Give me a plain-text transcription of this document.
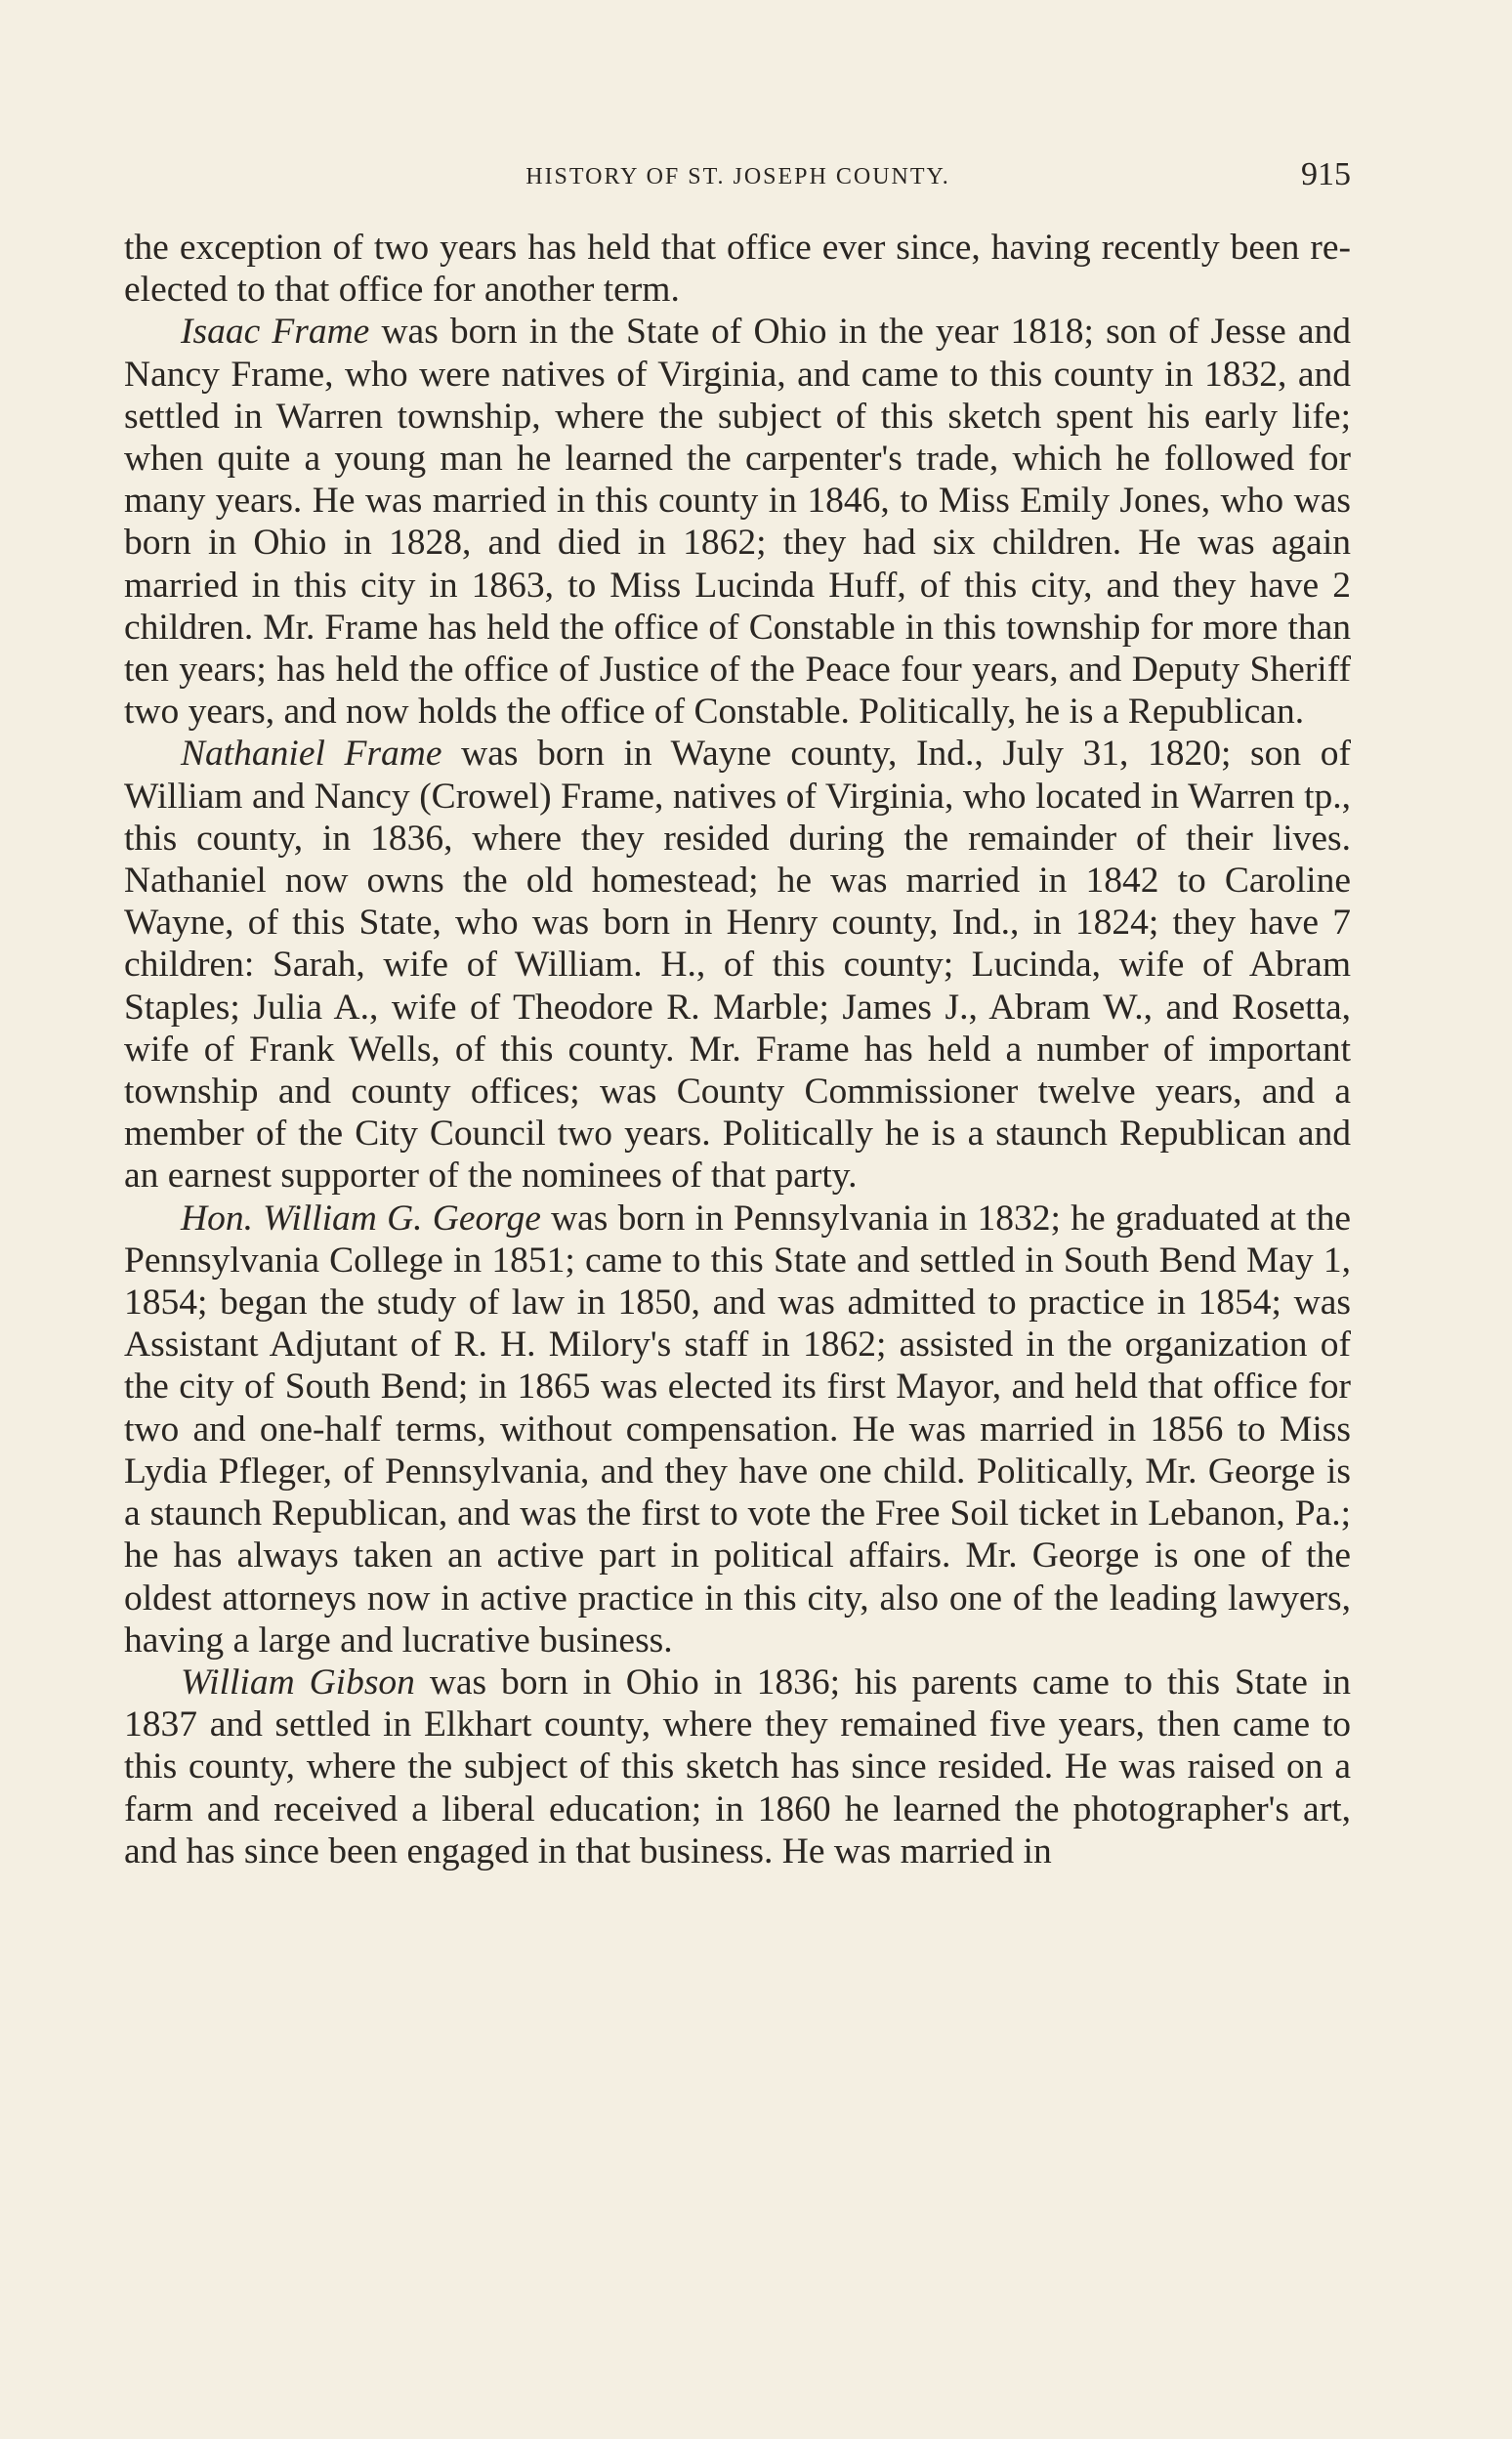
HISTORY OF ST. JOSEPH COUNTY.	915

the exception of two years has held that office ever since, having recently been re-elected to that office for another term.

Isaac Frame was born in the State of Ohio in the year 1818; son of Jesse and Nancy Frame, who were natives of Virginia, and came to this county in 1832, and settled in Warren township, where the subject of this sketch spent his early life; when quite a young man he learned the carpenter's trade, which he followed for many years. He was married in this county in 1846, to Miss Emily Jones, who was born in Ohio in 1828, and died in 1862; they had six children. He was again married in this city in 1863, to Miss Lucinda Huff, of this city, and they have 2 children. Mr. Frame has held the office of Constable in this township for more than ten years; has held the office of Justice of the Peace four years, and Deputy Sheriff two years, and now holds the office of Constable. Politically, he is a Republican.

Nathaniel Frame was born in Wayne county, Ind., July 31, 1820; son of William and Nancy (Crowel) Frame, natives of Virginia, who located in Warren tp., this county, in 1836, where they resided during the remainder of their lives. Nathaniel now owns the old homestead; he was married in 1842 to Caroline Wayne, of this State, who was born in Henry county, Ind., in 1824; they have 7 children: Sarah, wife of William. H., of this county; Lucinda, wife of Abram Staples; Julia A., wife of Theodore R. Marble; James J., Abram W., and Rosetta, wife of Frank Wells, of this county. Mr. Frame has held a number of important township and county offices; was County Commissioner twelve years, and a member of the City Council two years. Politically he is a staunch Republican and an earnest supporter of the nominees of that party.

Hon. William G. George was born in Pennsylvania in 1832; he graduated at the Pennsylvania College in 1851; came to this State and settled in South Bend May 1, 1854; began the study of law in 1850, and was admitted to practice in 1854; was Assistant Adjutant of R. H. Milory's staff in 1862; assisted in the organization of the city of South Bend; in 1865 was elected its first Mayor, and held that office for two and one-half terms, without compensation. He was married in 1856 to Miss Lydia Pfleger, of Pennsylvania, and they have one child. Politically, Mr. George is a staunch Republican, and was the first to vote the Free Soil ticket in Lebanon, Pa.; he has always taken an active part in political affairs. Mr. George is one of the oldest attorneys now in active practice in this city, also one of the leading lawyers, having a large and lucrative business.

William Gibson was born in Ohio in 1836; his parents came to this State in 1837 and settled in Elkhart county, where they remained five years, then came to this county, where the subject of this sketch has since resided. He was raised on a farm and received a liberal education; in 1860 he learned the photographer's art, and has since been engaged in that business. He was married in
